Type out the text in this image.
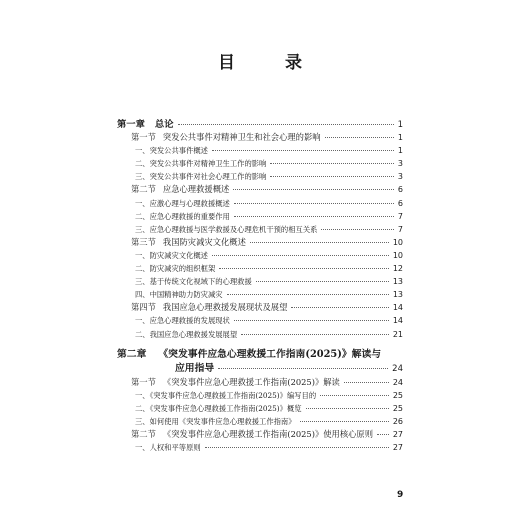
目 录
第一章 总论	1
第一节 突发公共事件对精神卫生和社会心理的影响	1
一、突发公共事件概述	1
二、突发公共事件对精神卫生工作的影响	3
三、突发公共事件对社会心理工作的影响	3
第二节 应急心理救援概述	6
一、应激心理与心理救援概述	6
二、应急心理救援的重要作用	7
三、应急心理救援与医学救援及心理危机干预的相互关系	7
第三节 我国防灾减灾文化概述	10
一、防灾减灾文化概述	10
二、防灾减灾的组织框架	12
三、基于传统文化视域下的心理救援	13
四、中国精神助力防灾减灾	13
第四节 我国应急心理救援发展现状及展望	14
一、应急心理救援的发展现状	14
二、我国应急心理救援发展展望	21
第二章 《突发事件应急心理救援工作指南(2025)》解读与
应用指导	24
第一节 《突发事件应急心理救援工作指南(2025)》解读	24
一、《突发事件应急心理救援工作指南(2025)》编写目的	25
二、《突发事件应急心理救援工作指南(2025)》概览	25
三、如何使用《突发事件应急心理救援工作指南》	26
第二节 《突发事件应急心理救援工作指南(2025)》使用核心原则 27
一、人权和平等原则	27
9
